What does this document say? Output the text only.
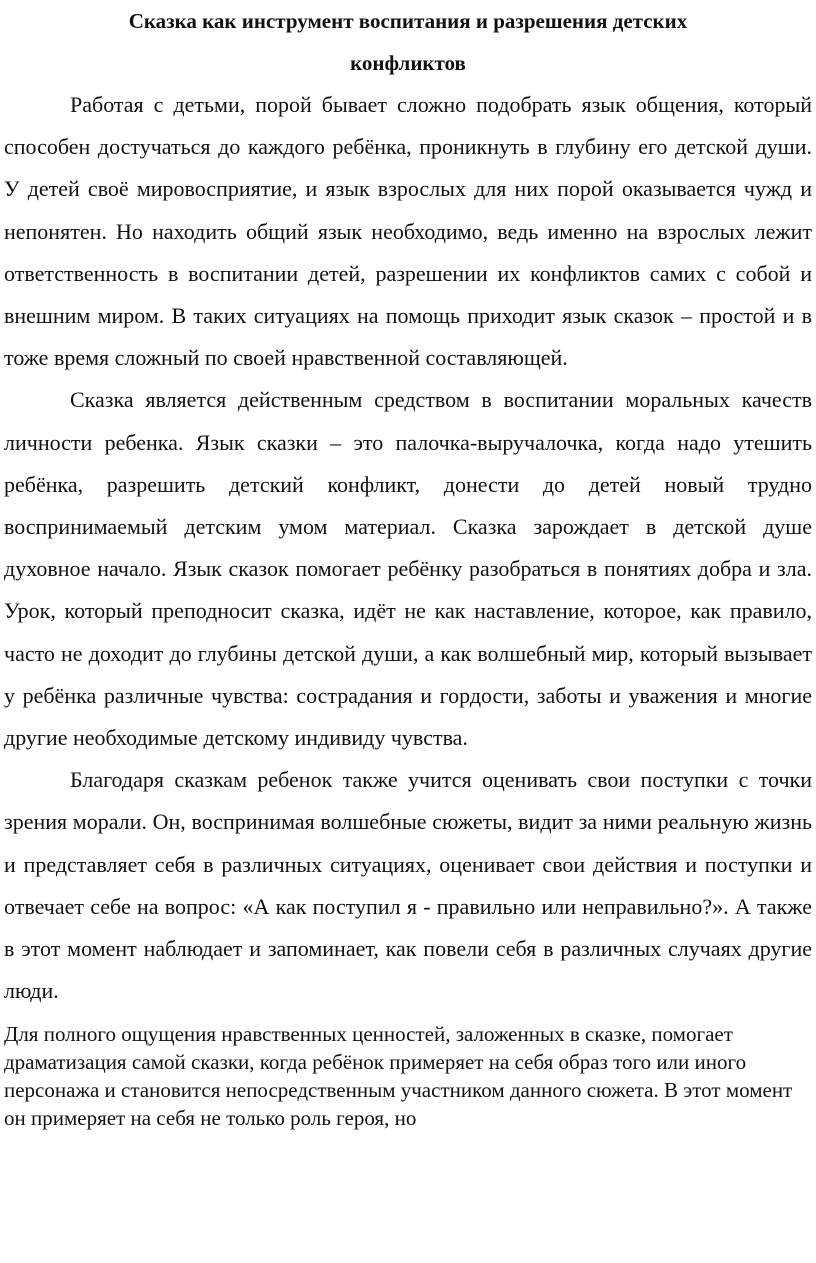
Сказка как инструмент воспитания и разрешения детских конфликтов

Работая с детьми, порой бывает сложно подобрать язык общения, который способен достучаться до каждого ребёнка, проникнуть в глубину его детской души. У детей своё мировосприятие, и язык взрослых для них порой оказывается чужд и непонятен. Но находить общий язык необходимо, ведь именно на взрослых лежит ответственность в воспитании детей, разрешении их конфликтов самих с собой и внешним миром. В таких ситуациях на помощь приходит язык сказок – простой и в тоже время сложный по своей нравственной составляющей.

Сказка является действенным средством в воспитании моральных качеств личности ребенка. Язык сказки – это палочка-выручалочка, когда надо утешить ребёнка, разрешить детский конфликт, донести до детей новый трудно воспринимаемый детским умом материал. Сказка зарождает в детской душе духовное начало. Язык сказок помогает ребёнку разобраться в понятиях добра и зла. Урок, который преподносит сказка, идёт не как наставление, которое, как правило, часто не доходит до глубины детской души, а как волшебный мир, который вызывает у ребёнка различные чувства: сострадания и гордости, заботы и уважения и многие другие необходимые детскому индивиду чувства.

Благодаря сказкам ребенок также учится оценивать свои поступки с точки зрения морали. Он, воспринимая волшебные сюжеты, видит за ними реальную жизнь и представляет себя в различных ситуациях, оценивает свои действия и поступки и отвечает себе на вопрос: «А как поступил я - правильно или неправильно?». А также в этот момент наблюдает и запоминает, как повели себя в различных случаях другие люди.

Для полного ощущения нравственных ценностей, заложенных в сказке, помогает драматизация самой сказки, когда ребёнок примеряет на себя образ того или иного персонажа и становится непосредственным участником данного сюжета. В этот момент он примеряет на себя не только роль героя, но
